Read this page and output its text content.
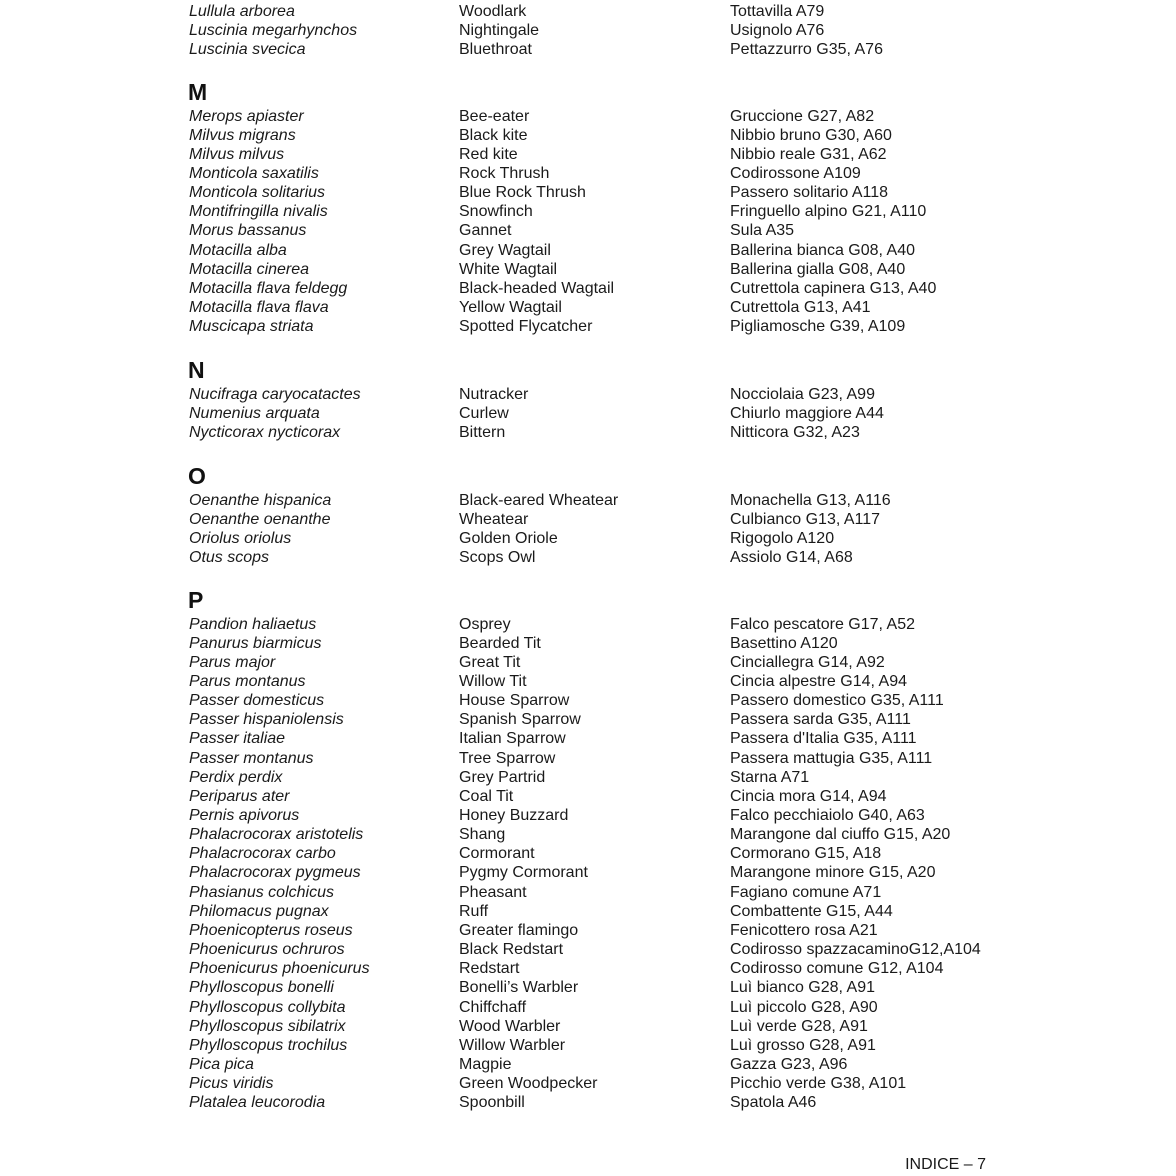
Lullula arborea	Woodlark	Tottavilla A79
Luscinia megarhynchos	Nightingale	Usignolo A76
Luscinia svecica	Bluethroat	Pettazzurro G35, A76
M
Merops apiaster	Bee-eater	Gruccione G27, A82
Milvus migrans	Black kite	Nibbio bruno G30, A60
Milvus milvus	Red kite	Nibbio reale G31, A62
Monticola saxatilis	Rock Thrush	Codirossone A109
Monticola solitarius	Blue Rock Thrush	Passero solitario A118
Montifringilla nivalis	Snowfinch	Fringuello alpino G21, A110
Morus bassanus	Gannet	Sula A35
Motacilla alba	Grey Wagtail	Ballerina bianca G08, A40
Motacilla cinerea	White Wagtail	Ballerina gialla G08, A40
Motacilla flava feldegg	Black-headed Wagtail	Cutrettola capinera G13, A40
Motacilla flava flava	Yellow Wagtail	Cutrettola G13, A41
Muscicapa striata	Spotted Flycatcher	Pigliamosche G39, A109
N
Nucifraga caryocatactes	Nutracker	Nocciolaia G23, A99
Numenius arquata	Curlew	Chiurlo maggiore A44
Nycticorax nycticorax	Bittern	Nitticora G32, A23
O
Oenanthe hispanica	Black-eared Wheatear	Monachella G13, A116
Oenanthe oenanthe	Wheatear	Culbianco G13, A117
Oriolus oriolus	Golden Oriole	Rigogolo A120
Otus scops	Scops Owl	Assiolo G14, A68
P
Pandion haliaetus	Osprey	Falco pescatore G17, A52
Panurus biarmicus	Bearded Tit	Basettino A120
Parus major	Great Tit	Cinciallegra G14, A92
Parus montanus	Willow Tit	Cincia alpestre G14, A94
Passer domesticus	House Sparrow	Passero domestico G35, A111
Passer hispaniolensis	Spanish Sparrow	Passera sarda G35, A111
Passer italiae	Italian Sparrow	Passera d'Italia G35, A111
Passer montanus	Tree Sparrow	Passera mattugia G35, A111
Perdix perdix	Grey Partrid	Starna A71
Periparus ater	Coal Tit	Cincia mora G14, A94
Pernis apivorus	Honey Buzzard	Falco pecchiaiolo G40, A63
Phalacrocorax aristotelis	Shang	Marangone dal ciuffo G15, A20
Phalacrocorax carbo	Cormorant	Cormorano G15, A18
Phalacrocorax pygmeus	Pygmy Cormorant	Marangone minore G15, A20
Phasianus colchicus	Pheasant	Fagiano comune A71
Philomacus pugnax	Ruff	Combattente G15, A44
Phoenicopterus roseus	Greater flamingo	Fenicottero rosa A21
Phoenicurus ochruros	Black Redstart	Codirosso spazzacaminoG12,A104
Phoenicurus phoenicurus	Redstart	Codirosso comune G12, A104
Phylloscopus bonelli	Bonelli’s Warbler	Luì bianco G28, A91
Phylloscopus collybita	Chiffchaff	Luì piccolo G28, A90
Phylloscopus sibilatrix	Wood Warbler	Luì verde G28, A91
Phylloscopus trochilus	Willow Warbler	Luì grosso G28, A91
Pica pica	Magpie	Gazza G23, A96
Picus viridis	Green Woodpecker	Picchio verde G38, A101
Platalea leucorodia	Spoonbill	Spatola A46
INDICE – 7
